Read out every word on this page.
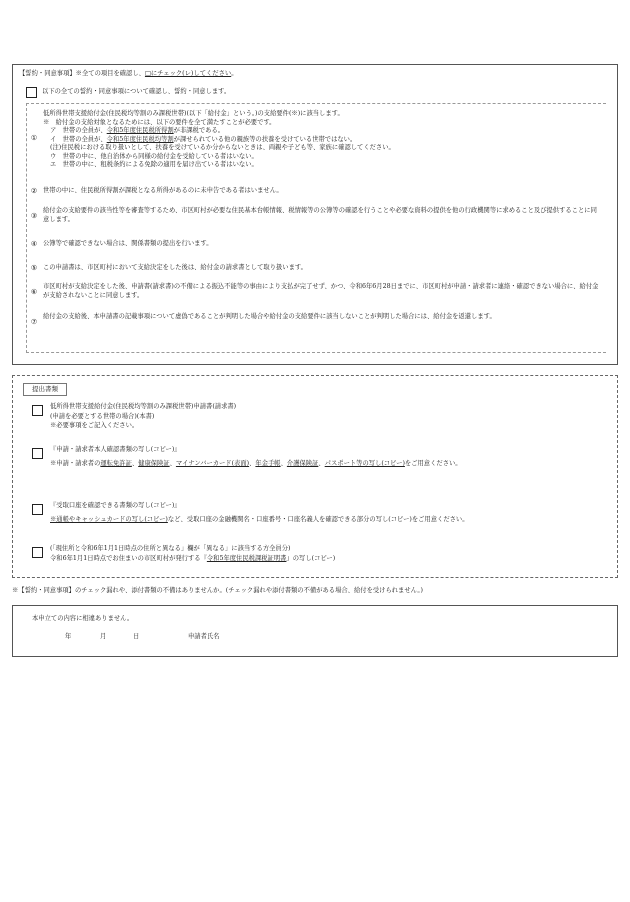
【誓約・同意事項】※全ての項目を確認し、□にチェック(レ)してください。
以下の全ての誓約・同意事項について確認し、誓約・同意します。
①

低所得世帯支援給付金(住民税均等割のみ課税世帯)(以下「給付金」という。)の支給要件(※)に該当します。

※　給付金の支給対象となるためには、以下の要件を全て満たすことが必要です。

ア　世帯の全員が、令和5年度住民税所得割が非課税である。

イ　世帯の全員が、令和5年度住民税均等割が課せられている他の親族等の扶養を受けている世帯ではない。

(注)住民税における取り扱いとして、扶養を受けているか分からないときは、両親や子ども等、家族に確認してください。

ウ　世帯の中に、他自治体から同様の給付金を受給している者はいない。

エ　世帯の中に、租税条約による免除の適用を届け出ている者はいない。

② 世帯の中に、住民税所得割が課税となる所得があるのに未申告である者はいません。

③

給付金の支給要件の該当性等を審査等するため、市区町村が必要な住民基本台帳情報、税情報等の公簿等の確認を行うことや必要な資料の提供を他の行政機関等に求めること及び提供することに同意します。

④ 公簿等で確認できない場合は、関係書類の提出を行います。

⑤ この申請書は、市区町村において支給決定をした後は、給付金の請求書として取り扱います。

⑥

市区町村が支給決定をした後、申請書(請求書)の不備による振込不能等の事由により支払が完了せず、かつ、令和6年6月28日までに、市区町村が申請・請求者に連絡・確認できない場合に、給付金が支給されないことに同意します。

⑦

給付金の支給後、本申請書の記載事項について虚偽であることが判明した場合や給付金の支給要件に該当しないことが判明した場合には、給付金を返還します。

提出書類

低所得世帯支援給付金(住民税均等割のみ課税世帯)申請書(請求書)

(申請を必要とする世帯の場合)(本書)

※必要事項をご記入ください。

『申請・請求者本人確認書類の写し(コピー)』

※申請・請求者の運転免許証、健康保険証、マイナンバーカード(表面)、年金手帳、介護保険証、パスポート等の写し(コピー)をご用意ください。

『受取口座を確認できる書類の写し(コピー)』

※通帳やキャッシュカードの写し(コピー)など、受取口座の金融機関名・口座番号・口座名義人を確認できる部分の写し(コピー)をご用意ください。

(「現住所と令和6年1月1日時点の住所と異なる」欄が「異なる」に該当する方全員分)

令和6年1月1日時点でお住まいの市区町村が発行する『令和5年度住民税課税証明書』の写し(コピー)

※【誓約・同意事項】のチェック漏れや、添付書類の不備はありませんか。(チェック漏れや添付書類の不備がある場合、給付を受けられません。)
本申立ての内容に相違ありません。
年	月	日	申請者氏名
